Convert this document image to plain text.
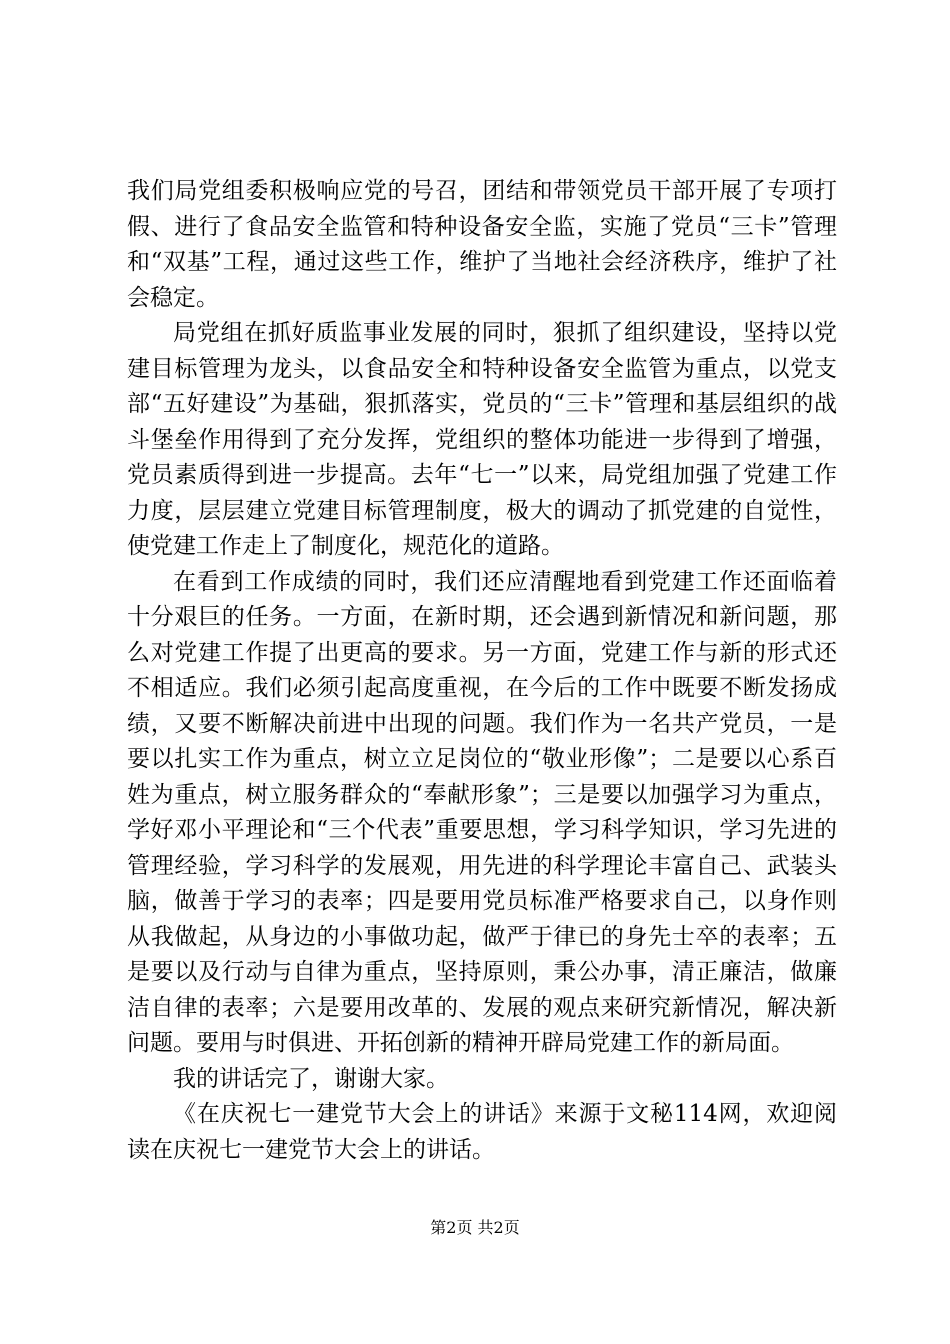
我们局党组委积极响应党的号召，团结和带领党员干部开展了专项打假、进行了食品安全监管和特种设备安全监，实施了党员“三卡”管理和“双基”工程，通过这些工作，维护了当地社会经济秩序，维护了社会稳定。

局党组在抓好质监事业发展的同时，狠抓了组织建设，坚持以党建目标管理为龙头，以食品安全和特种设备安全监管为重点，以党支部“五好建设”为基础，狠抓落实，党员的“三卡”管理和基层组织的战斗堡垒作用得到了充分发挥，党组织的整体功能进一步得到了增强，党员素质得到进一步提高。去年“七一”以来，局党组加强了党建工作力度，层层建立党建目标管理制度，极大的调动了抓党建的自觉性，使党建工作走上了制度化，规范化的道路。

在看到工作成绩的同时，我们还应清醒地看到党建工作还面临着十分艰巨的任务。一方面，在新时期，还会遇到新情况和新问题，那么对党建工作提了出更高的要求。另一方面，党建工作与新的形式还不相适应。我们必须引起高度重视，在今后的工作中既要不断发扬成绩，又要不断解决前进中出现的问题。我们作为一名共产党员，一是要以扎实工作为重点，树立立足岗位的“敬业形像”；二是要以心系百姓为重点，树立服务群众的“奉献形象”；三是要以加强学习为重点，学好邓小平理论和“三个代表”重要思想，学习科学知识，学习先进的管理经验，学习科学的发展观，用先进的科学理论丰富自己、武装头脑，做善于学习的表率；四是要用党员标准严格要求自己，以身作则从我做起，从身边的小事做功起，做严于律已的身先士卒的表率；五是要以及行动与自律为重点，坚持原则，秉公办事，清正廉洁，做廉洁自律的表率；六是要用改革的、发展的观点来研究新情况，解决新问题。要用与时俱进、开拓创新的精神开辟局党建工作的新局面。

我的讲话完了，谢谢大家。

《在庆祝七一建党节大会上的讲话》来源于文秘114网，欢迎阅读在庆祝七一建党节大会上的讲话。

第2页 共2页
